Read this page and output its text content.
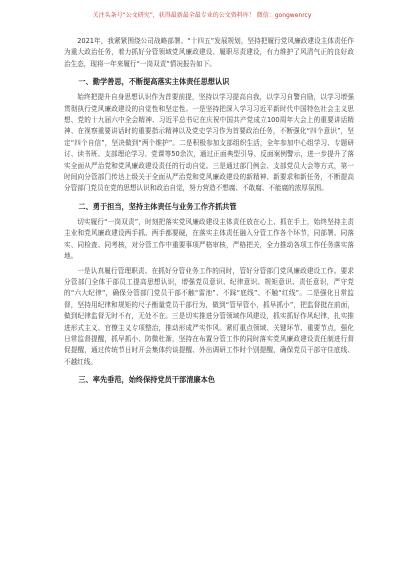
关注头条号“公文研究”，获得最新最全最专业的公文资料库！ 微信：gongwenrcy

2021年，我紧紧围绕公司战略部署、“十四五”发展规划，坚持把履行党风廉政建设主体责任作为重大政治任务，着力抓好分管领域党风廉政建设、履职尽责建设，有力维护了风清气正的良好政治生态，现将一年来履行“一岗双责”情况报告如下。

一、勤学善思，不断提高落实主体责任思想认识

始终把提升自身思想认识作为首要前提，坚持以学习提高自我，以学习自警自励，以学习增强贯彻执行党风廉政建设的自觉性和坚定性。一是坚持把深入学习习近平新时代中国特色社会主义思想、党的十九届六中全会精神、习近平总书记在庆祝中国共产党成立100周年大会上的重要讲话精神、在视察重要讲话时的重要指示精神以及党史学习作为首要政治任务，不断强化“四个意识”，坚定“四个自信”，坚决做到“两个维护”。二是积极参加支部组织生活，全年参加中心组学习、专题研讨、读书班、支部理论学习、党课等50余次，通过正面典型引导、反面案例警示，进一步提升了落实全面从严治党和党风廉政建设责任的行动自觉。三是通过部门例会、支部党员大会等方式，第一时间向分管部门传达上级关于全面从严治党和党风廉政建设的新精神、新要求和新任务，不断提高分管部门党员在党的思想认识和政治自觉，努力营造不想腐、不敢腐、不能腐的浓厚氛围。

二、勇于担当，坚持主体责任与业务工作齐抓共管

切实履行“一岗双责”，时刻把落实党风廉政建设主体责任放在心上、抓在手上，始终坚持主责主业和党风廉政建设两手抓、两手都要硬，在落实主体责任融入分管工作各个环节，同部署、同落实、同检查、同考核，对分管工作中重要事项严格审核，严格把关，全力推动各项工作任务落实落地。

一是认真履行管理职责。在抓好分管业务工作的同时，管好分管部门党风廉政建设工作。要求分管部门全体干部员工提高思想认识，增强党员意识、纪律意识、规矩意识、责任意识，严守党的“六大纪律”，确保分管部门党员干部不触“雷池”、不踩“底线”、不触“红线”。二是强化日常监督，坚持用纪律和规矩的尺子衡量党员干部行为，做到“管早管小，抓早抓小”，把监督挺在前面，做到纪律监督无时不有，无处不在。三是切实推进分管领域作风建设，抓实抓好作风纪律，扎实推进形式主义、官僚主义专项整治，推动形成严实作风。紧盯重点领域、关键环节、重要节点，强化日常监督提醒，抓早抓小、防微杜渐，坚持在布置分管工作的同时落实党风廉政建设责任制进行督促提醒，通过传统节日时开会集体约谈提醒、外出调研工作时个别提醒，确保党员干部守住底线、不越红线。

三、率先垂范，始终保持党员干部清廉本色
